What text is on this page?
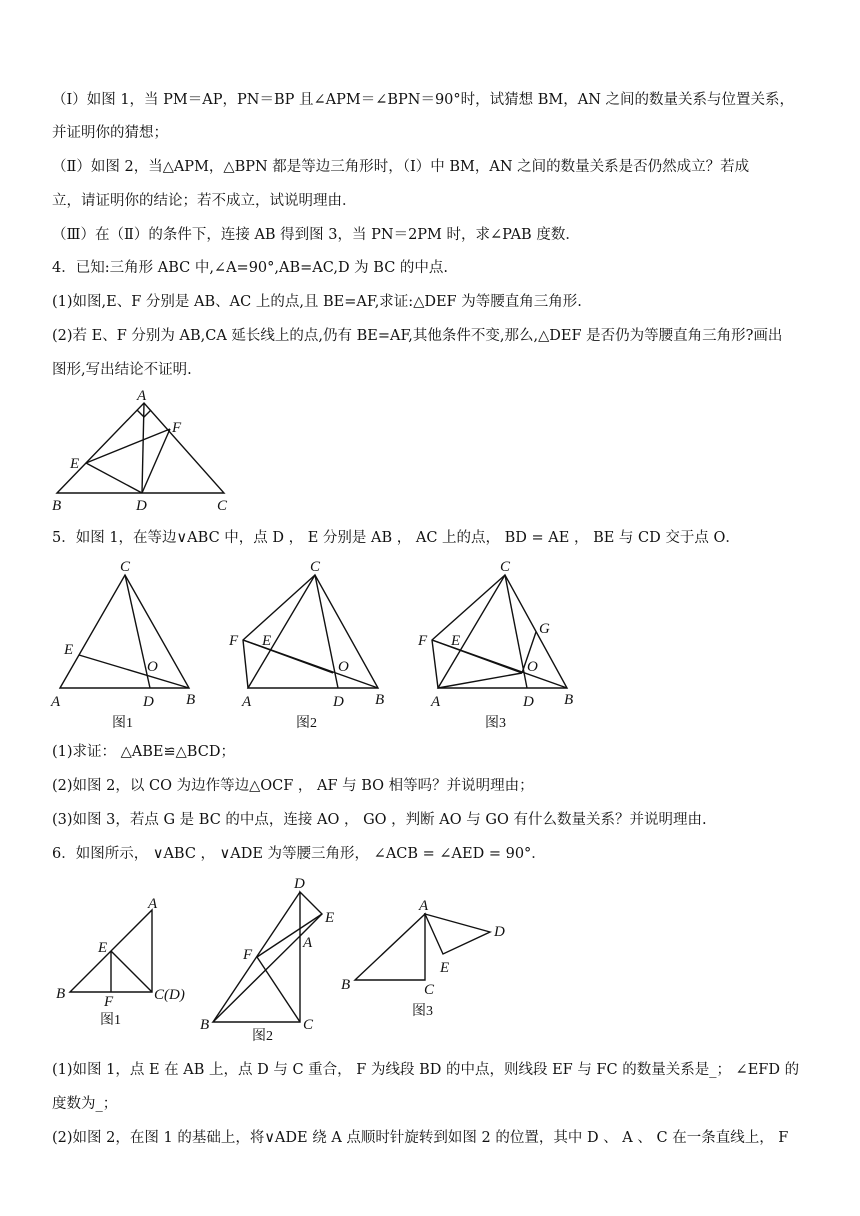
（Ⅰ）如图 1，当 PM＝AP，PN＝BP 且∠APM＝∠BPN＝90°时，试猜想 BM，AN 之间的数量关系与位置关系，
并证明你的猜想；
（Ⅱ）如图 2，当△APM，△BPN 都是等边三角形时，（Ⅰ）中 BM，AN 之间的数量关系是否仍然成立？若成
立，请证明你的结论；若不成立，试说明理由．
（Ⅲ）在（Ⅱ）的条件下，连接 AB 得到图 3，当 PN＝2PM 时，求∠PAB 度数．
4．已知:三角形 ABC 中,∠A=90°,AB=AC,D 为 BC 的中点.
(1)如图,E、F 分别是 AB、AC 上的点,且 BE=AF,求证:△DEF 为等腰直角三角形.
(2)若 E、F 分别为 AB,CA 延长线上的点,仍有 BE=AF,其他条件不变,那么,△DEF 是否仍为等腰直角三角形?画出
图形,写出结论不证明.
A
F
E
B	D	C
5．如图 1，在等边∨ABC 中，点 D ， E 分别是 AB ， AC 上的点， BD = AE ， BE 与 CD 交于点 O．
C
E
O
A	D B
图1
C
F E
O
A	D B
图2
C
F E
G
O
A	D B
图3
(1)求证： △ABE≌△BCD；
(2)如图 2，以 CO 为边作等边△OCF ， AF 与 BO 相等吗？并说明理由；
(3)如图 3，若点 G 是 BC 的中点，连接 AO ， GO ，判断 AO 与 GO 有什么数量关系？并说明理由.
6．如图所示， ∨ABC ， ∨ADE 为等腰三角形， ∠ACB = ∠AED = 90°．
A
E
B	F	C(D)
图1
D
E
A
F
B	C
图2
A
D
E
B	C
图3
(1)如图 1，点 E 在 AB 上，点 D 与 C 重合， F 为线段 BD 的中点，则线段 EF 与 FC 的数量关系是_； ∠EFD 的
度数为_；
(2)如图 2，在图 1 的基础上，将∨ADE 绕 A 点顺时针旋转到如图 2 的位置，其中 D 、 A 、 C 在一条直线上， F
